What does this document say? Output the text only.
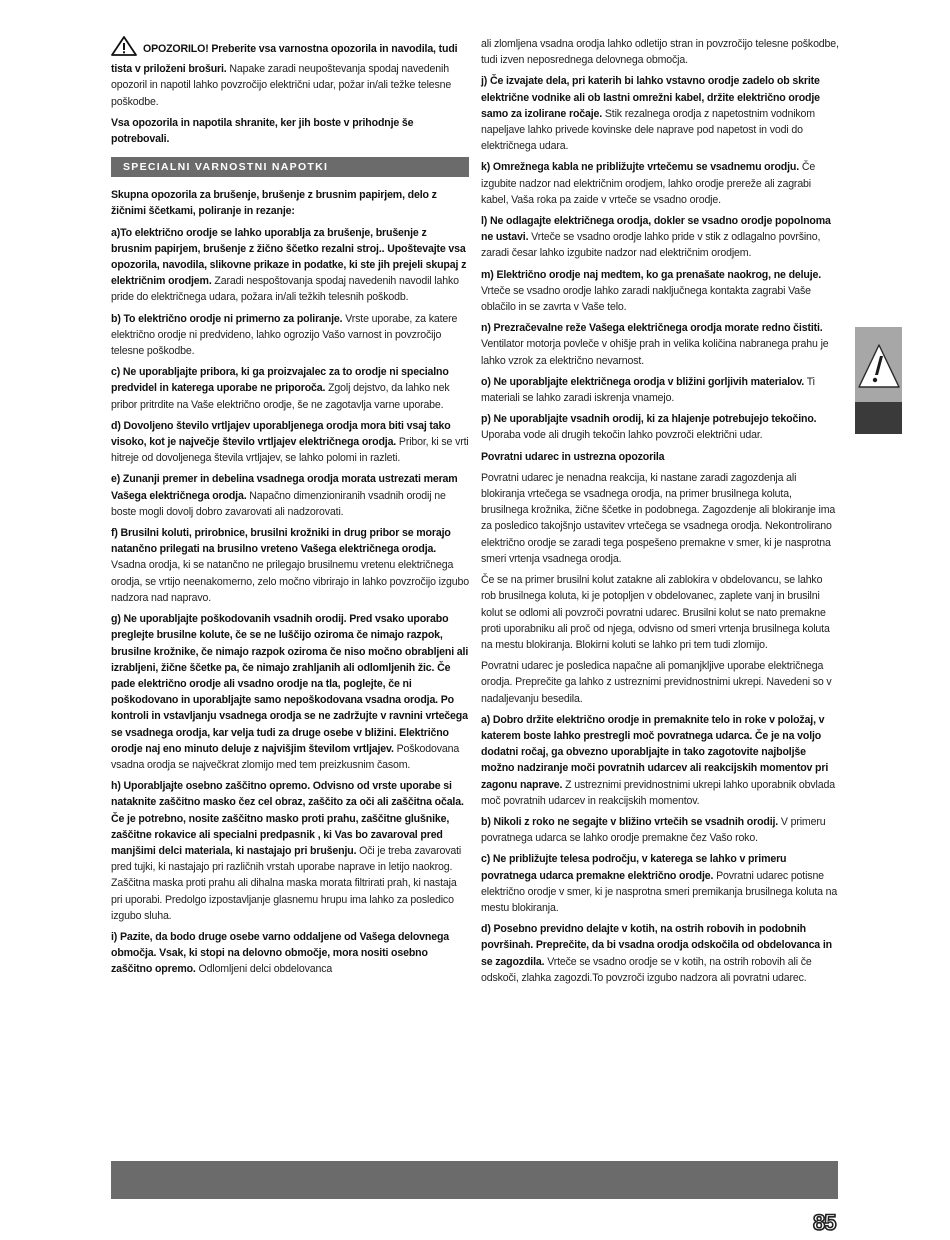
OPOZORILO! Preberite vsa varnostna opozorila in navodila, tudi tista v priloženi brošuri. Napake zaradi neupoštevanja spodaj navedenih opozoril in napotil lahko povzročijo električni udar, požar in/ali težke telesne poškodbe.

Vsa opozorila in napotila shranite, ker jih boste v prihodnje še potrebovali.

SPECIALNI VARNOSTNI NAPOTKI

Skupna opozorila za brušenje, brušenje z brusnim papirjem, delo z žičnimi ščetkami, poliranje in rezanje:

a)To električno orodje se lahko uporablja za brušenje, brušenje z brusnim papirjem, brušenje z žično ščetko rezalni stroj.. Upoštevajte vsa opozorila, navodila, slikovne prikaze in podatke, ki ste jih prejeli skupaj z električnim orodjem. Zaradi nespoštovanja spodaj navedenih navodil lahko pride do električnega udara, požara in/ali težkih telesnih poškodb.

b) To električno orodje ni primerno za poliranje. Vrste uporabe, za katere električno orodje ni predvideno, lahko ogrozijo Vašo varnost in povzročijo telesne poškodbe.

c) Ne uporabljajte pribora, ki ga proizvajalec za to orodje ni specialno predvidel in katerega uporabe ne priporoča. Zgolj dejstvo, da lahko nek pribor pritrdite na Vaše električno orodje, še ne zagotavlja varne uporabe.

d) Dovoljeno število vrtljajev uporabljenega orodja mora biti vsaj tako visoko, kot je največje število vrtljajev električnega orodja. Pribor, ki se vrti hitreje od dovoljenega števila vrtljajev, se lahko polomi in razleti.

e) Zunanji premer in debelina vsadnega orodja morata ustrezati meram Vašega električnega orodja. Napačno dimenzioniranih vsadnih orodij ne boste mogli dovolj dobro zavarovati ali nadzorovati.

f) Brusilni koluti, prirobnice, brusilni krožniki in drug pribor se morajo natančno prilegati na brusilno vreteno Vašega električnega orodja. Vsadna orodja, ki se natančno ne prilegajo brusilnemu vretenu električnega orodja, se vrtijo neenakomerno, zelo močno vibrirajo in lahko povzročijo izgubo nadzora nad napravo.

g) Ne uporabljajte poškodovanih vsadnih orodij. Pred vsako uporabo preglejte brusilne kolute, če se ne luščijo oziroma če nimajo razpok, brusilne krožnike, če nimajo razpok oziroma če niso močno obrabljeni ali izrabljeni, žične ščetke pa, če nimajo zrahljanih ali odlomljenih žic. Če pade električno orodje ali vsadno orodje na tla, poglejte, če ni poškodovano in uporabljajte samo nepoškodovana vsadna orodja. Po kontroli in vstavljanju vsadnega orodja se ne zadržujte v ravnini vrtečega se vsadnega orodja, kar velja tudi za druge osebe v bližini. Električno orodje naj eno minuto deluje z najvišjim številom vrtljajev. Poškodovana vsadna orodja se največkrat zlomijo med tem preizkusnim časom.

h) Uporabljajte osebno zaščitno opremo. Odvisno od vrste uporabe si nataknite zaščitno masko čez cel obraz, zaščito za oči ali zaščitna očala. Če je potrebno, nosite zaščitno masko proti prahu, zaščitne glušnike, zaščitne rokavice ali specialni predpasnik , ki Vas bo zavaroval pred manjšimi delci materiala, ki nastajajo pri brušenju. Oči je treba zavarovati pred tujki, ki nastajajo pri različnih vrstah uporabe naprave in letijo naokrog. Zaščitna maska proti prahu ali dihalna maska morata filtrirati prah, ki nastaja pri uporabi. Predolgo izpostavljanje glasnemu hrupu ima lahko za posledico izgubo sluha.

i) Pazite, da bodo druge osebe varno oddaljene od Vašega delovnega območja. Vsak, ki stopi na delovno območje, mora nositi osebno zaščitno opremo. Odlomljeni delci obdelovanca

ali zlomljena vsadna orodja lahko odletijo stran in povzročijo telesne poškodbe, tudi izven neposrednega delovnega območja.

j) Če izvajate dela, pri katerih bi lahko vstavno orodje zadelo ob skrite električne vodnike ali ob lastni omrežni kabel, držite električno orodje samo za izolirane ročaje. Stik rezalnega orodja z napetostnim vodnikom napeljave lahko privede kovinske dele naprave pod napetost in vodi do električnega udara.

k) Omrežnega kabla ne približujte vrtečemu se vsadnemu orodju. Če izgubite nadzor nad električnim orodjem, lahko orodje prereže ali zagrabi kabel, Vaša roka pa zaide v vrteče se vsadno orodje.

l) Ne odlagajte električnega orodja, dokler se vsadno orodje popolnoma ne ustavi. Vrteče se vsadno orodje lahko pride v stik z odlagalno površino, zaradi česar lahko izgubite nadzor nad električnim orodjem.

m) Električno orodje naj medtem, ko ga prenašate naokrog, ne deluje. Vrteče se vsadno orodje lahko zaradi naključnega kontakta zagrabi Vaše oblačilo in se zavrta v Vaše telo.

n) Prezračevalne reže Vašega električnega orodja morate redno čistiti. Ventilator motorja povleče v ohišje prah in velika količina nabranega prahu je lahko vzrok za električno nevarnost.

o) Ne uporabljajte električnega orodja v bližini gorljivih materialov. Ti materiali se lahko zaradi iskrenja vnamejo.

p) Ne uporabljajte vsadnih orodij, ki za hlajenje potrebujejo tekočino. Uporaba vode ali drugih tekočin lahko povzroči električni udar.

Povratni udarec in ustrezna opozorila

Povratni udarec je nenadna reakcija, ki nastane zaradi zagozdenja ali blokiranja vrtečega se vsadnega orodja, na primer brusilnega koluta, brusilnega krožnika, žične ščetke in podobnega. Zagozdenje ali blokiranje ima za posledico takojšnjo ustavitev vrtečega se vsadnega orodja. Nekontrolirano električno orodje se zaradi tega pospešeno premakne v smer, ki je nasprotna smeri vrtenja vsadnega orodja.

Če se na primer brusilni kolut zatakne ali zablokira v obdelovancu, se lahko rob brusilnega koluta, ki je potopljen v obdelovanec, zaplete vanj in brusilni kolut se odlomi ali povzroči povratni udarec. Brusilni kolut se nato premakne proti uporabniku ali proč od njega, odvisno od smeri vrtenja brusilnega koluta na mestu blokiranja. Blokirni koluti se lahko pri tem tudi zlomijo.

Povratni udarec je posledica napačne ali pomanjkljive uporabe električnega orodja. Preprečite ga lahko z ustreznimi previdnostnimi ukrepi. Navedeni so v nadaljevanju besedila.

a) Dobro držite električno orodje in premaknite telo in roke v položaj, v katerem boste lahko prestregli moč povratnega udarca. Če je na voljo dodatni ročaj, ga obvezno uporabljajte in tako zagotovite najboljše možno nadziranje moči povratnih udarcev ali reakcijskih momentov pri zagonu naprave. Z ustreznimi previdnostnimi ukrepi lahko uporabnik obvlada moč povratnih udarcev in reakcijskih momentov.

b) Nikoli z roko ne segajte v bližino vrtečih se vsadnih orodij. V primeru povratnega udarca se lahko orodje premakne čez Vašo roko.

c) Ne približujte telesa področju, v katerega se lahko v primeru povratnega udarca premakne električno orodje. Povratni udarec potisne električno orodje v smer, ki je nasprotna smeri premikanja brusilnega koluta na mestu blokiranja.

d) Posebno previdno delajte v kotih, na ostrih robovih in podobnih površinah. Preprečite, da bi vsadna orodja odskočila od obdelovanca in se zagozdila. Vrteče se vsadno orodje se v kotih, na ostrih robovih ali če odskoči, zlahka zagozdi.To povzroči izgubo nadzora ali povratni udarec.

85
